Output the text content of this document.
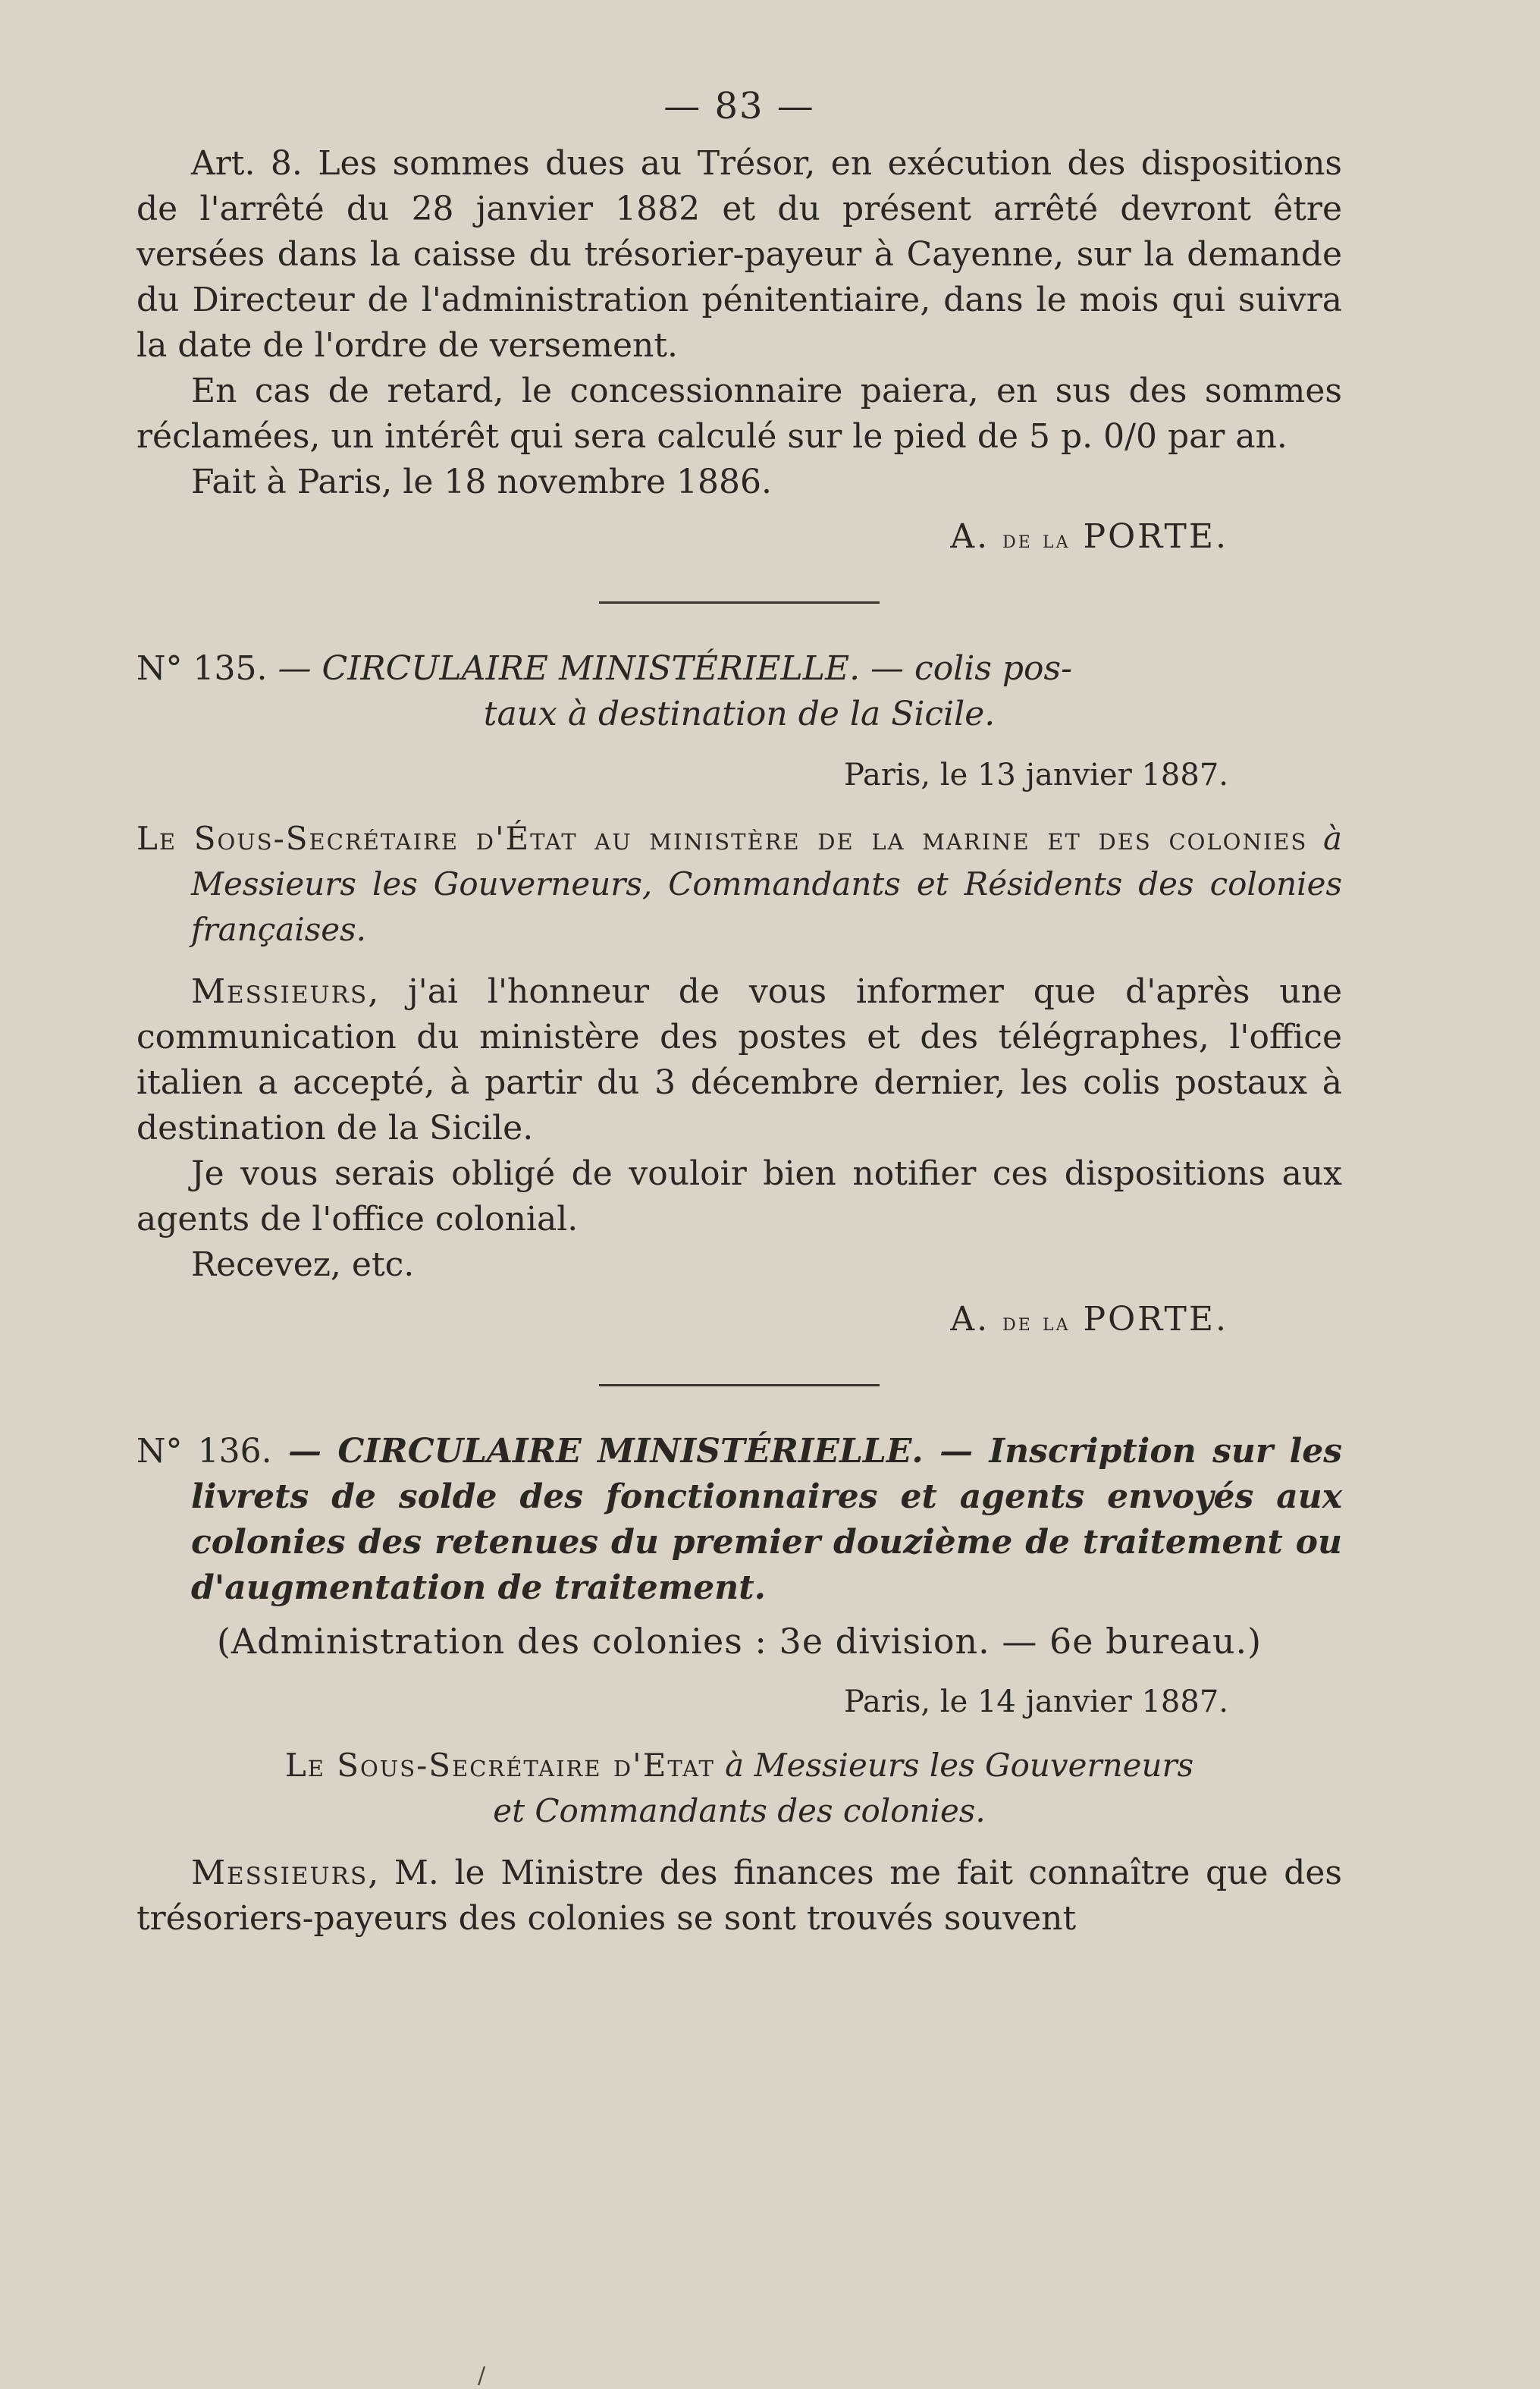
— 83 —

Art. 8. Les sommes dues au Trésor, en exécution des dispositions de l'arrêté du 28 janvier 1882 et du présent arrêté devront être versées dans la caisse du trésorier-payeur à Cayenne, sur la demande du Directeur de l'administration pénitentiaire, dans le mois qui suivra la date de l'ordre de versement.

En cas de retard, le concessionnaire paiera, en sus des sommes réclamées, un intérêt qui sera calculé sur le pied de 5 p. 0/0 par an.

Fait à Paris, le 18 novembre 1886.

A. de la PORTE.
N° 135. — CIRCULAIRE MINISTÉRIELLE. — colis pos-
taux à destination de la Sicile.
Paris, le 13 janvier 1887.

Le Sous-Secrétaire d'État au ministère de la marine et des colonies à Messieurs les Gouverneurs, Commandants et Résidents des colonies françaises.

Messieurs, j'ai l'honneur de vous informer que d'après une communication du ministère des postes et des télégraphes, l'office italien a accepté, à partir du 3 décembre dernier, les colis postaux à destination de la Sicile.

Je vous serais obligé de vouloir bien notifier ces dispositions aux agents de l'office colonial.

Recevez, etc.

A. de la PORTE.

N° 136. — CIRCULAIRE MINISTÉRIELLE. — Inscription sur les livrets de solde des fonctionnaires et agents envoyés aux colonies des retenues du premier douzième de traitement ou d'augmentation de traitement.

(Administration des colonies : 3e division. — 6e bureau.)
Paris, le 14 janvier 1887.
Le Sous-Secrétaire d'Etat à Messieurs les Gouverneurs
et Commandants des colonies.

Messieurs, M. le Ministre des finances me fait connaître que des trésoriers-payeurs des colonies se sont trouvés souvent

/
